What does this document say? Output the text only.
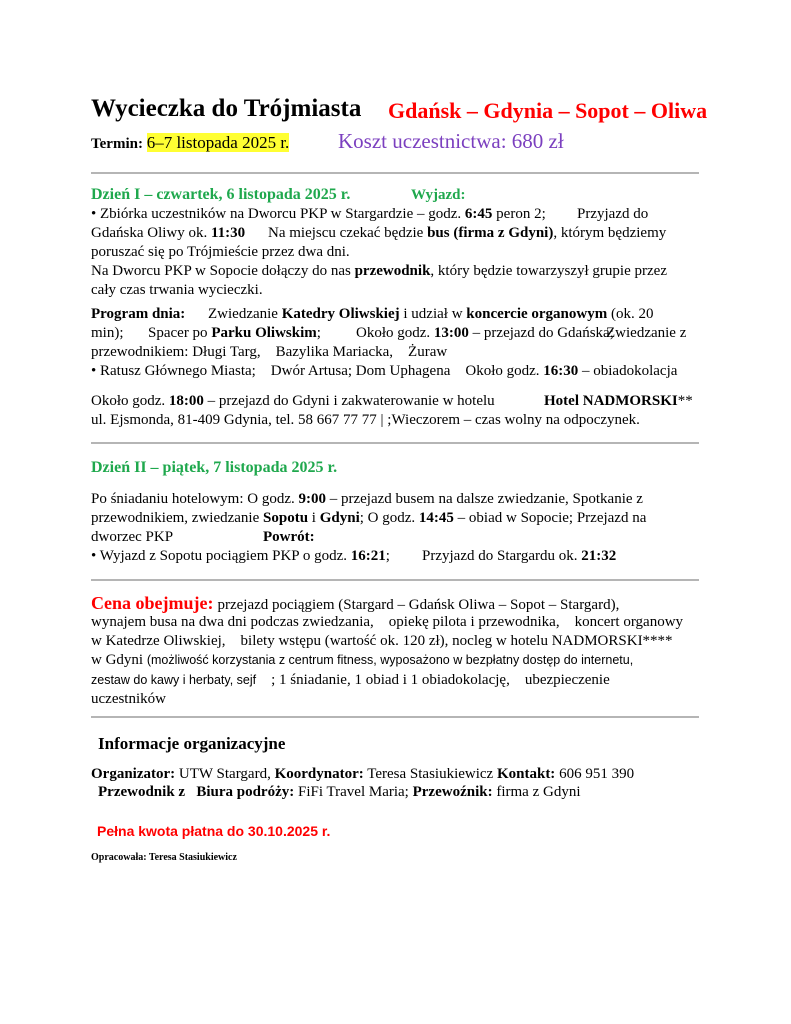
Wycieczka do Trójmiasta Gdańsk – Gdynia – Sopot – Oliwa
Termin: 6–7 listopada 2025 r. Koszt uczestnictwa: 680 zł
Dzień I – czwartek, 6 listopada 2025 r.	Wyjazd:
• Zbiórka uczestników na Dworcu PKP w Stargardzie – godz. 6:45 peron 2; Przyjazd do
Gdańska Oliwy ok. 11:30 Na miejscu czekać będzie bus (firma z Gdyni), którym będziemy
poruszać się po Trójmieście przez dwa dni.
Na Dworcu PKP w Sopocie dołączy do nas przewodnik, który będzie towarzyszył grupie przez
cały czas trwania wycieczki.
Program dnia: Zwiedzanie Katedry Oliwskiej i udział w koncercie organowym (ok. 20
min); Spacer po Parku Oliwskim; Około godz. 13:00 – przejazd do Gdańska;
Zwiedzanie z
przewodnikiem: Długi Targ,    Bazylika Mariacka,    Żuraw
• Ratusz Głównego Miasta;    Dwór Artusa; Dom Uphagena    Około godz. 16:30 – obiadokolacja
Około godz. 18:00 – przejazd do Gdyni i zakwaterowanie w hotelu	Hotel NADMORSKI**
ul. Ejsmonda, 81-409 Gdynia, tel. 58 667 77 77 | ;Wieczorem – czas wolny na odpoczynek.
Dzień II – piątek, 7 listopada 2025 r.
Po śniadaniu hotelowym: O godz. 9:00 – przejazd busem na dalsze zwiedzanie, Spotkanie z
przewodnikiem, zwiedzanie Sopotu i Gdyni; O godz. 14:45 – obiad w Sopocie; Przejazd na
dworzec PKP	Powrót:
• Wyjazd z Sopotu pociągiem PKP o godz. 16:21; Przyjazd do Stargardu ok. 21:32
Cena obejmuje: przejazd pociągiem (Stargard – Gdańsk Oliwa – Sopot – Stargard),
wynajem busa na dwa dni podczas zwiedzania,    opiekę pilota i przewodnika,    koncert organowy
w Katedrze Oliwskiej,    bilety wstępu (wartość ok. 120 zł), nocleg w hotelu NADMORSKI****
w Gdyni (możliwość korzystania z centrum fitness, wyposażono w bezpłatny dostęp do internetu,
zestaw do kawy i herbaty, sejf ; 1 śniadanie, 1 obiad i 1 obiadokolację,    ubezpieczenie
uczestników
Informacje organizacyjne
Organizator: UTW Stargard, Koordynator: Teresa Stasiukiewicz Kontakt: 606 951 390
Przewodnik z Biura podróży: FiFi Travel Maria; Przewoźnik: firma z Gdyni
Pełna kwota płatna do 30.10.2025 r.
Opracowała: Teresa Stasiukiewicz
